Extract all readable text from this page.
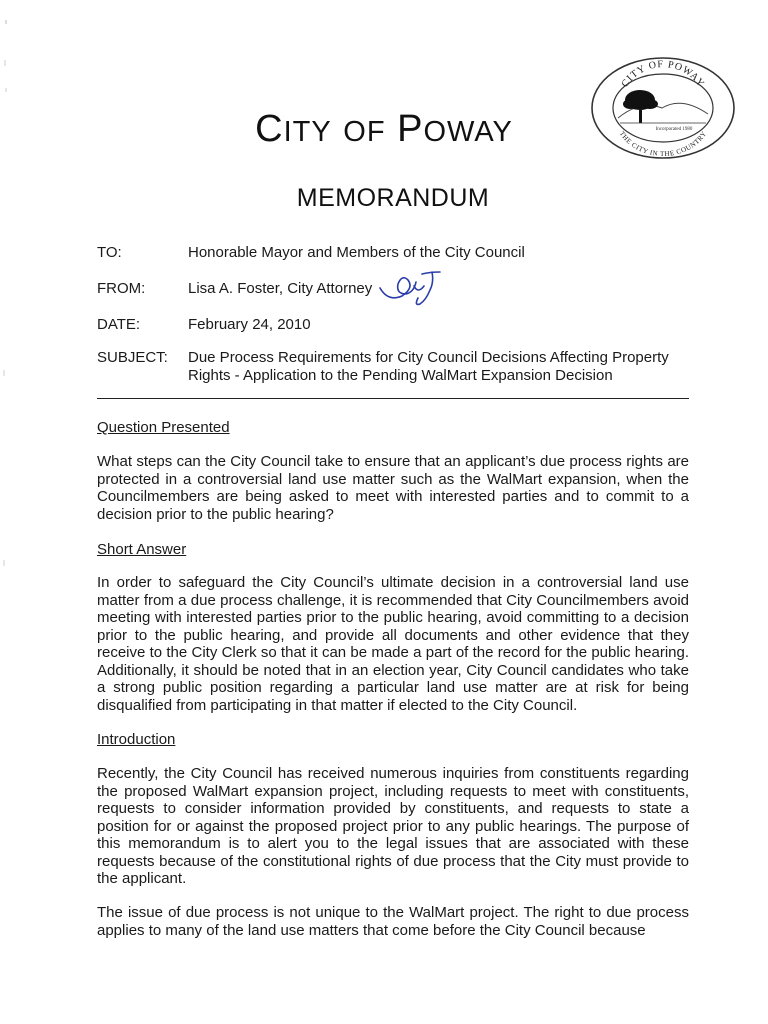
CITY OF POWAY
THE CITY IN THE COUNTRY
Incorporated 1980
CITY OF POWAY
MEMORANDUM
TO:	Honorable Mayor and Members of the City Council
FROM:	Lisa A. Foster, City Attorney
DATE:	February 24, 2010
SUBJECT: Due Process Requirements for City Council Decisions Affecting Property
Rights - Application to the Pending WalMart Expansion Decision
Question Presented
What steps can the City Council take to ensure that an applicant’s due process rights are protected in a controversial land use matter such as the WalMart expansion, when the Councilmembers are being asked to meet with interested parties and to commit to a decision prior to the public hearing?
Short Answer
In order to safeguard the City Council’s ultimate decision in a controversial land use matter from a due process challenge, it is recommended that City Councilmembers avoid meeting with interested parties prior to the public hearing, avoid committing to a decision prior to the public hearing, and provide all documents and other evidence that they receive to the City Clerk so that it can be made a part of the record for the public hearing. Additionally, it should be noted that in an election year, City Council candidates who take a strong public position regarding a particular land use matter are at risk for being disqualified from participating in that matter if elected to the City Council.
Introduction
Recently, the City Council has received numerous inquiries from constituents regarding the proposed WalMart expansion project, including requests to meet with constituents, requests to consider information provided by constituents, and requests to state a position for or against the proposed project prior to any public hearings. The purpose of this memorandum is to alert you to the legal issues that are associated with these requests because of the constitutional rights of due process that the City must provide to the applicant.
The issue of due process is not unique to the WalMart project. The right to due process applies to many of the land use matters that come before the City Council because
